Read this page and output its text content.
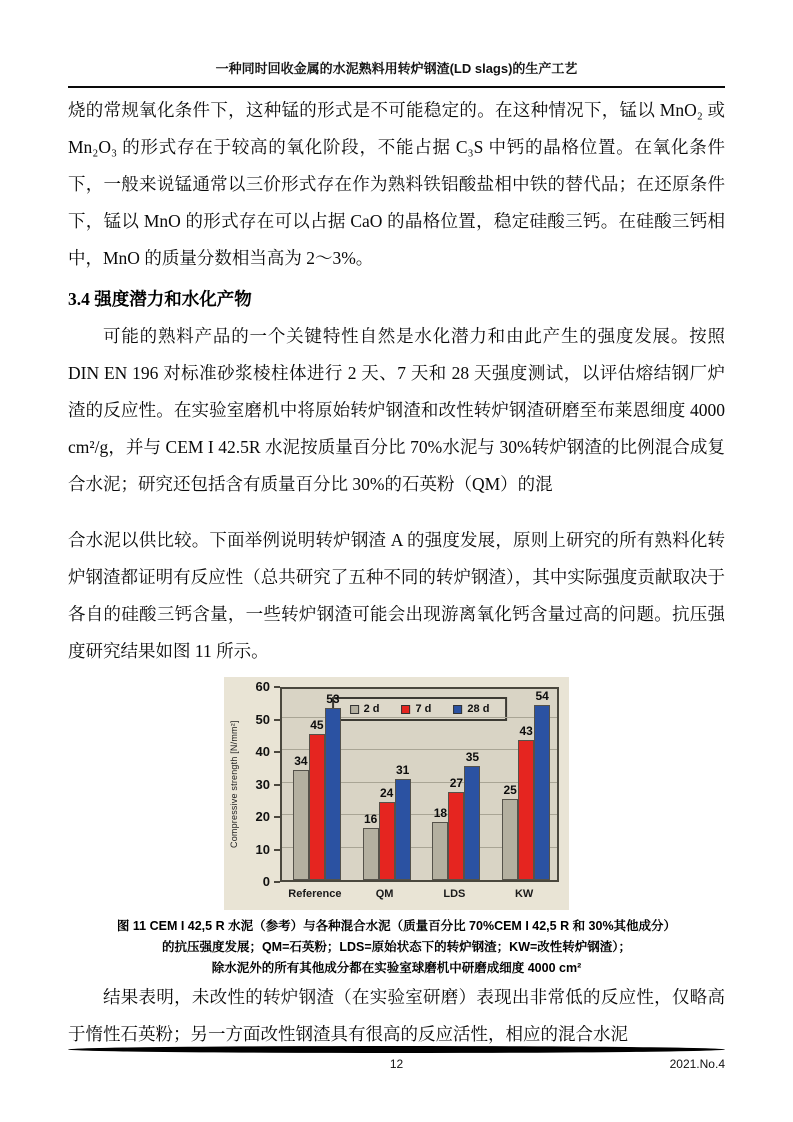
一种同时回收金属的水泥熟料用转炉钢渣(LD slags)的生产工艺

烧的常规氧化条件下，这种锰的形式是不可能稳定的。在这种情况下，锰以 MnO₂ 或 Mn₂O₃ 的形式存在于较高的氧化阶段，不能占据 C₃S 中钙的晶格位置。在氧化条件下，一般来说锰通常以三价形式存在作为熟料铁铝酸盐相中铁的替代品；在还原条件下，锰以 MnO 的形式存在可以占据 CaO 的晶格位置，稳定硅酸三钙。在硅酸三钙相中，MnO 的质量分数相当高为 2～3%。

3.4 强度潜力和水化产物

可能的熟料产品的一个关键特性自然是水化潜力和由此产生的强度发展。按照 DIN EN 196 对标准砂浆棱柱体进行 2 天、7 天和 28 天强度测试，以评估熔结钢厂炉渣的反应性。在实验室磨机中将原始转炉钢渣和改性转炉钢渣研磨至布莱恩细度 4000 cm²/g，并与 CEM I 42.5R 水泥按质量百分比 70%水泥与 30%转炉钢渣的比例混合成复合水泥；研究还包括含有质量百分比 30%的石英粉（QM）的混

合水泥以供比较。下面举例说明转炉钢渣 A 的强度发展，原则上研究的所有熟料化转炉钢渣都证明有反应性（总共研究了五种不同的转炉钢渣），其中实际强度贡献取决于各自的硅酸三钙含量，一些转炉钢渣可能会出现游离氧化钙含量过高的问题。抗压强度研究结果如图 11 所示。

Compressive strength [N/mm²]
2 d	7 d	28 d
34
45
53
16
24
31
18
27
35
25
43
54
0
10
20
30
40
50
60
Reference	QM	LDS	KW
图 11 CEM I 42,5 R 水泥（参考）与各种混合水泥（质量百分比 70%CEM I 42,5 R 和 30%其他成分）
的抗压强度发展；QM=石英粉；LDS=原始状态下的转炉钢渣；KW=改性转炉钢渣）；
除水泥外的所有其他成分都在实验室球磨机中研磨成细度 4000 cm²

结果表明，未改性的转炉钢渣（在实验室研磨）表现出非常低的反应性，仅略高于惰性石英粉；另一方面改性钢渣具有很高的反应活性，相应的混合水泥

12	2021.No.4
